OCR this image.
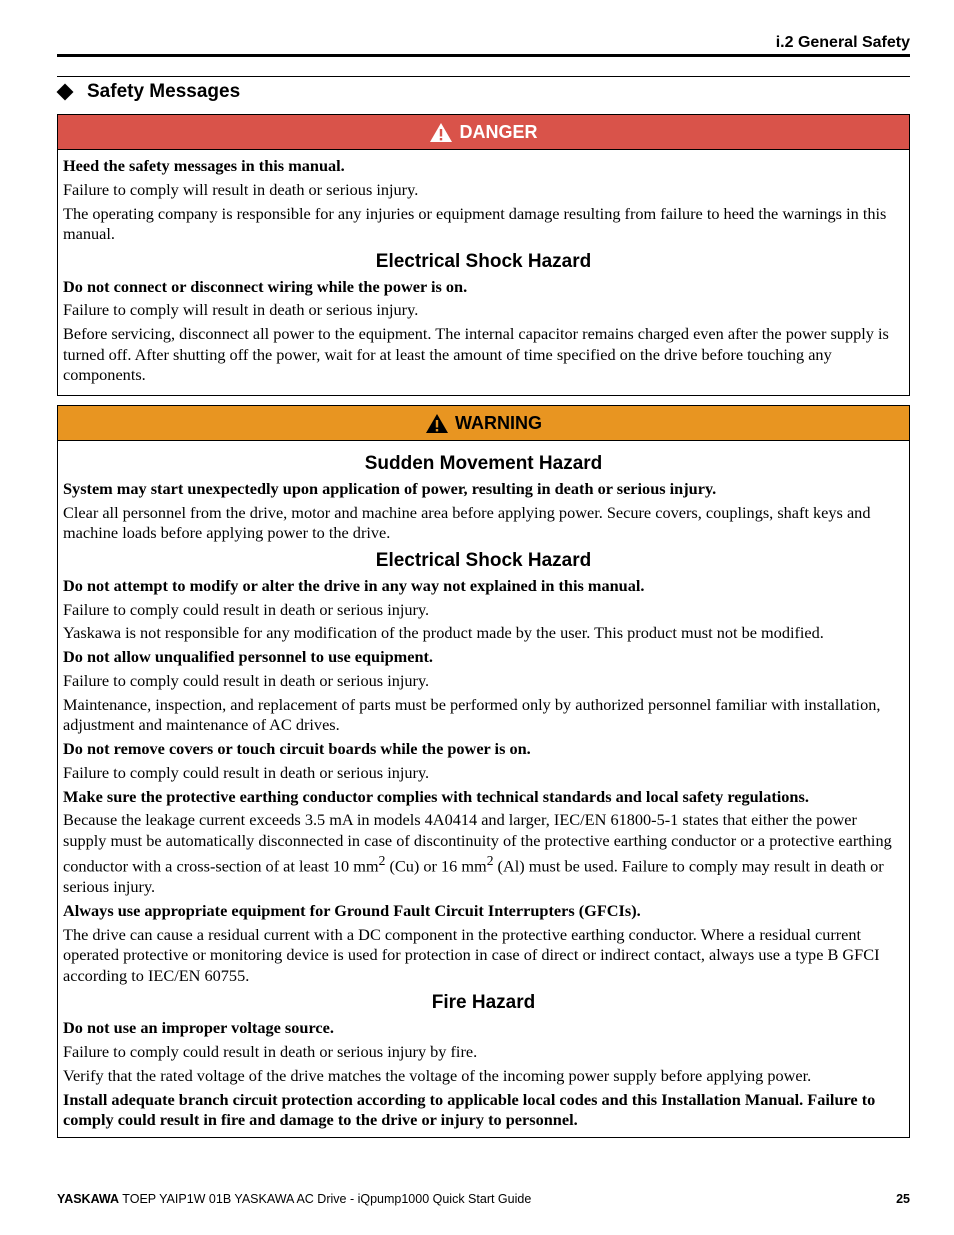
i.2 General Safety
Safety Messages
DANGER

Heed the safety messages in this manual.

Failure to comply will result in death or serious injury.

The operating company is responsible for any injuries or equipment damage resulting from failure to heed the warnings in this manual.

Electrical Shock Hazard

Do not connect or disconnect wiring while the power is on.

Failure to comply will result in death or serious injury.

Before servicing, disconnect all power to the equipment. The internal capacitor remains charged even after the power supply is turned off. After shutting off the power, wait for at least the amount of time specified on the drive before touching any components.

WARNING
Sudden Movement Hazard

System may start unexpectedly upon application of power, resulting in death or serious injury.

Clear all personnel from the drive, motor and machine area before applying power. Secure covers, couplings, shaft keys and machine loads before applying power to the drive.

Electrical Shock Hazard

Do not attempt to modify or alter the drive in any way not explained in this manual.

Failure to comply could result in death or serious injury.

Yaskawa is not responsible for any modification of the product made by the user. This product must not be modified.

Do not allow unqualified personnel to use equipment.

Failure to comply could result in death or serious injury.

Maintenance, inspection, and replacement of parts must be performed only by authorized personnel familiar with installation, adjustment and maintenance of AC drives.

Do not remove covers or touch circuit boards while the power is on.

Failure to comply could result in death or serious injury.

Make sure the protective earthing conductor complies with technical standards and local safety regulations.

Because the leakage current exceeds 3.5 mA in models 4A0414 and larger, IEC/EN 61800-5-1 states that either the power supply must be automatically disconnected in case of discontinuity of the protective earthing conductor or a protective earthing conductor with a cross-section of at least 10 $mm^2$ (Cu) or 16 $mm^2$ (Al) must be used. Failure to comply may result in death or serious injury.

Always use appropriate equipment for Ground Fault Circuit Interrupters (GFCIs).

The drive can cause a residual current with a DC component in the protective earthing conductor. Where a residual current operated protective or monitoring device is used for protection in case of direct or indirect contact, always use a type B GFCI according to IEC/EN 60755.

Fire Hazard

Do not use an improper voltage source.

Failure to comply could result in death or serious injury by fire.

Verify that the rated voltage of the drive matches the voltage of the incoming power supply before applying power.

Install adequate branch circuit protection according to applicable local codes and this Installation Manual. Failure to comply could result in fire and damage to the drive or injury to personnel.

YASKAWA TOEP YAIP1W 01B YASKAWA AC Drive - iQpump1000 Quick Start Guide	25
